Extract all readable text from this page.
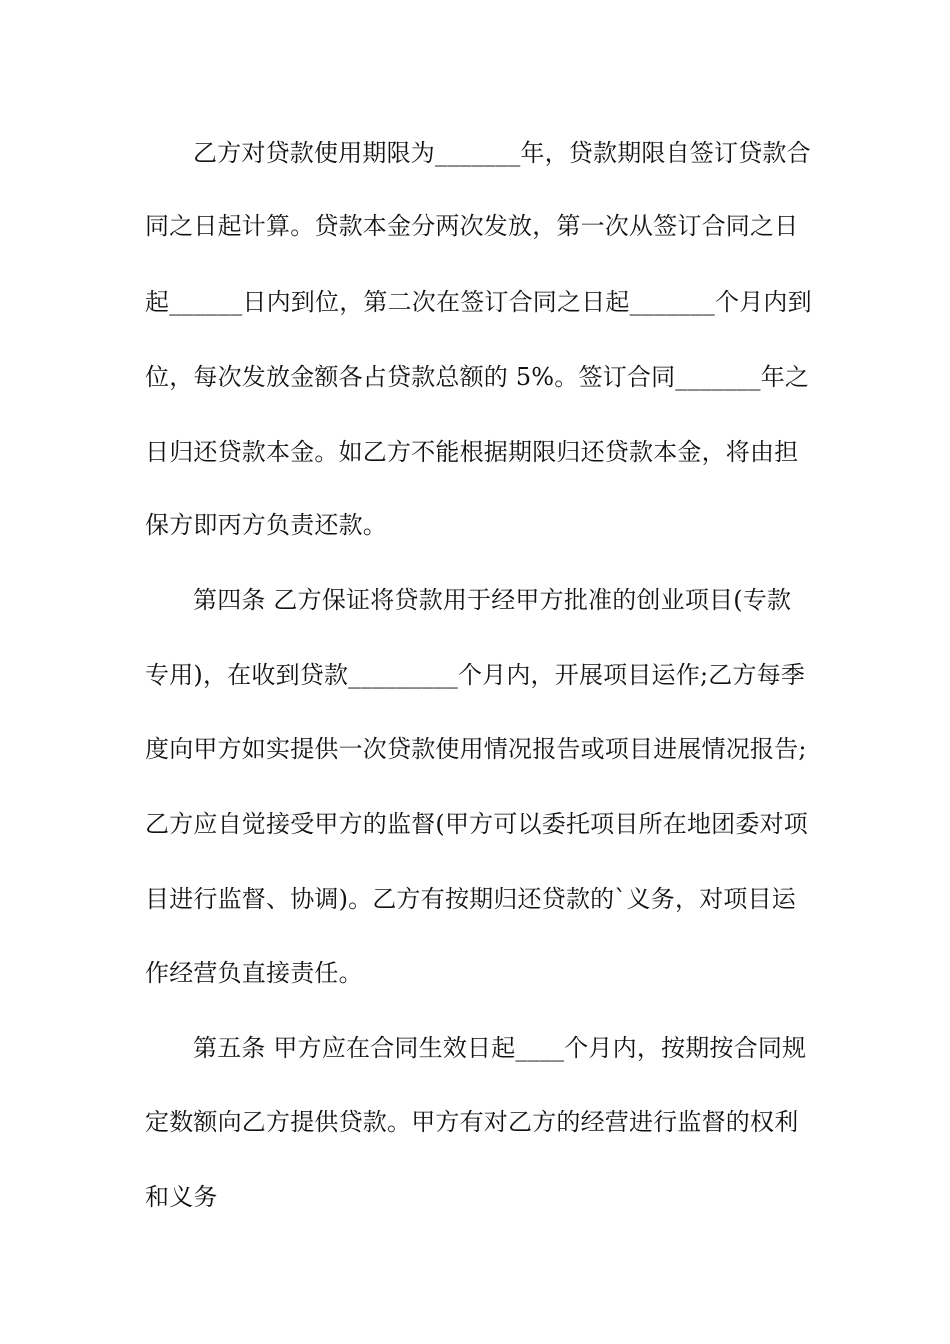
乙方对贷款使用期限为_______年，贷款期限自签订贷款合
同之日起计算。贷款本金分两次发放，第一次从签订合同之日
起______日内到位，第二次在签订合同之日起_______个月内到
位，每次发放金额各占贷款总额的 5%。签订合同_______年之
日归还贷款本金。如乙方不能根据期限归还贷款本金，将由担
保方即丙方负责还款。
第四条 乙方保证将贷款用于经甲方批准的创业项目(专款
专用)，在收到贷款_________个月内，开展项目运作;乙方每季
度向甲方如实提供一次贷款使用情况报告或项目进展情况报告;
乙方应自觉接受甲方的监督(甲方可以委托项目所在地团委对项
目进行监督、协调)。乙方有按期归还贷款的`义务，对项目运
作经营负直接责任。
第五条 甲方应在合同生效日起____个月内，按期按合同规
定数额向乙方提供贷款。甲方有对乙方的经营进行监督的权利
和义务
